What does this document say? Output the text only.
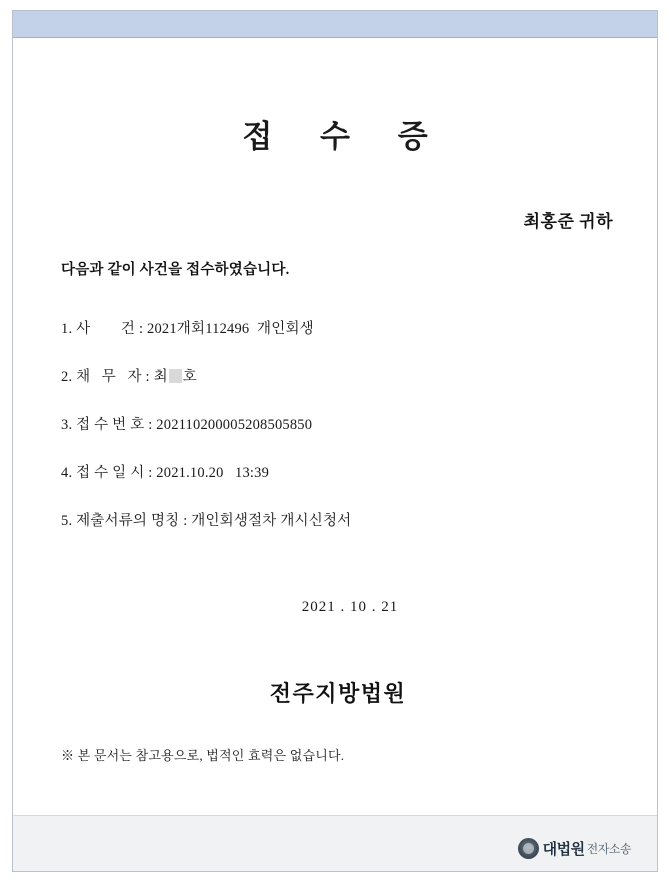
접 수 증
최홍준 귀하
다음과 같이 사건을 접수하였습니다.
1. 사        건 : 2021개회112496  개인회생
2. 채   무   자 : 최 호
3. 접 수 번 호 : 202110200005208505850
4. 접 수 일 시 : 2021.10.20   13:39
5. 제출서류의 명칭 : 개인회생절차 개시신청서
2021 . 10 . 21
전주지방법원
※ 본 문서는 참고용으로, 법적인 효력은 없습니다.
대법원 전자소송
